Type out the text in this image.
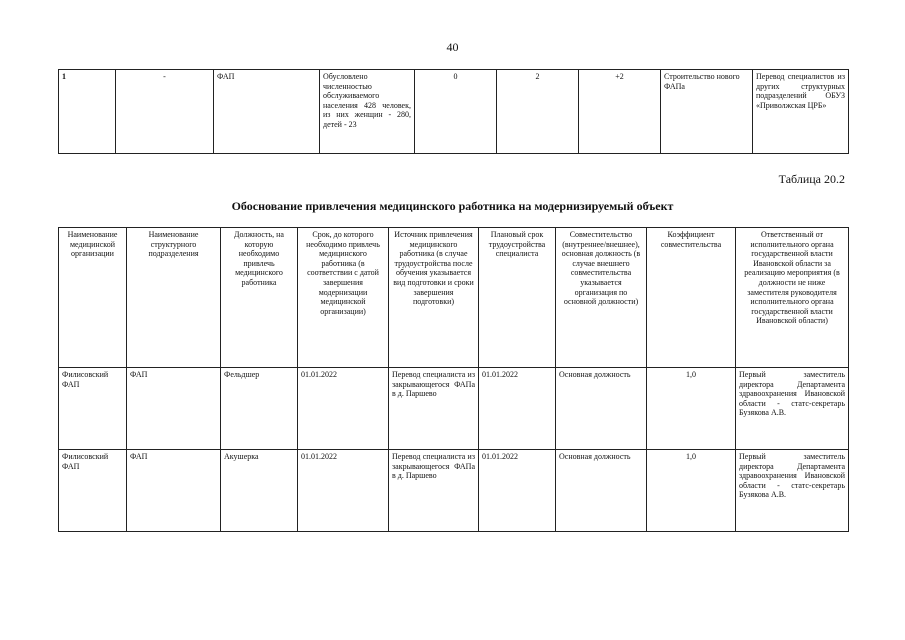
40
1	-	ФАП	Обусловлено численностью обслуживаемого населения 428 человек, из них женщин - 280, детей - 23	0	2	+2	Строительство нового ФАПа	Перевод специалистов из других структурных подразделений ОБУЗ «Приволжская ЦРБ»
Таблица 20.2
Обоснование привлечения медицинского работника на модернизируемый объект
Наименование медицинской организации	Наименование структурного подразделения	Должность, на которую необходимо привлечь медицинского работника	Срок, до которого необходимо привлечь медицинского работника (в соответствии с датой завершения модернизации медицинской организации)	Источник привлечения медицинского работника (в случае трудоустройства после обучения указывается вид подготовки и сроки завершения подготовки)	Плановый срок трудоустройства специалиста	Совместительство (внутреннее/внешнее), основная должность (в случае внешнего совместительства указывается организация по основной должности)	Коэффициент совместительства	Ответственный от исполнительного органа государственной власти Ивановской области за реализацию мероприятия (в должности не ниже заместителя руководителя исполнительного органа государственной власти Ивановской области)
Филисовский ФАП	ФАП	Фельдшер	01.01.2022	Перевод специалиста из закрывающегося ФАПа в д. Паршево	01.01.2022	Основная должность	1,0	Первый заместитель директора Департамента здравоохранения Ивановской области - статс-секретарь Бузякова А.В.
Филисовский ФАП	ФАП	Акушерка	01.01.2022	Перевод специалиста из закрывающегося ФАПа в д. Паршево	01.01.2022	Основная должность	1,0	Первый заместитель директора Департамента здравоохранения Ивановской области - статс-секретарь Бузякова А.В.
